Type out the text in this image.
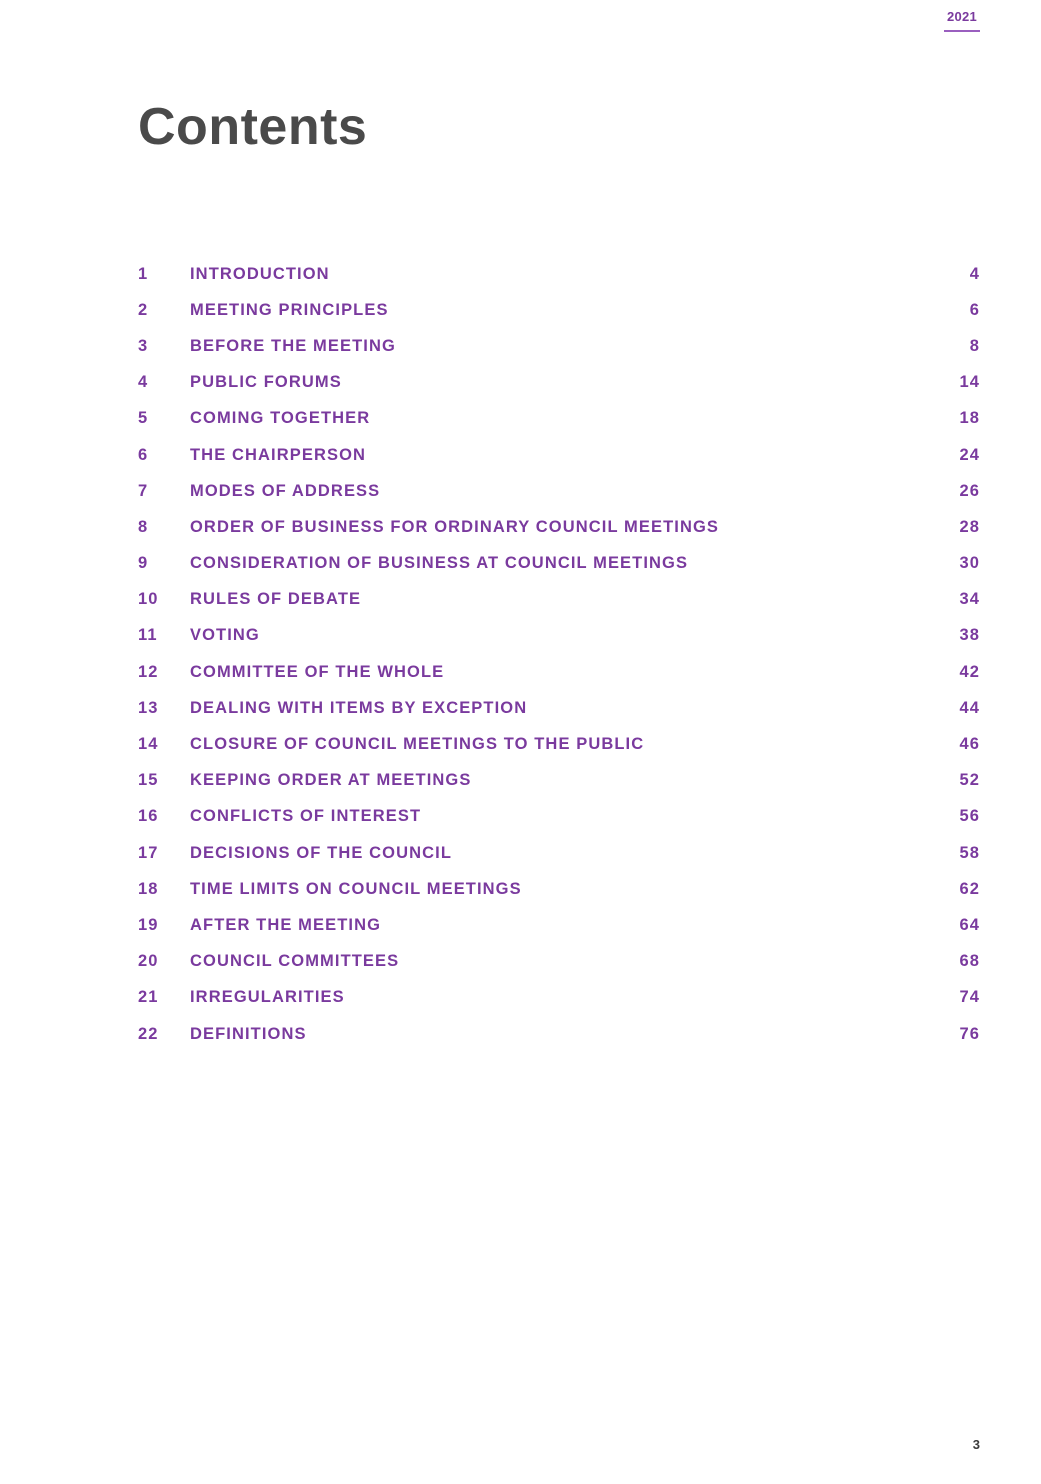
2021
Contents
1	INTRODUCTION	4
2	MEETING PRINCIPLES	6
3	BEFORE THE MEETING	8
4	PUBLIC FORUMS	14
5	COMING TOGETHER	18
6	THE CHAIRPERSON	24
7	MODES OF ADDRESS	26
8	ORDER OF BUSINESS FOR ORDINARY COUNCIL MEETINGS	28
9	CONSIDERATION OF BUSINESS AT COUNCIL MEETINGS	30
10	RULES OF DEBATE	34
11	VOTING	38
12	COMMITTEE OF THE WHOLE	42
13	DEALING WITH ITEMS BY EXCEPTION	44
14	CLOSURE OF COUNCIL MEETINGS TO THE PUBLIC	46
15	KEEPING ORDER AT MEETINGS	52
16	CONFLICTS OF INTEREST	56
17	DECISIONS OF THE COUNCIL	58
18	TIME LIMITS ON COUNCIL MEETINGS	62
19	AFTER THE MEETING	64
20	COUNCIL COMMITTEES	68
21	IRREGULARITIES	74
22	DEFINITIONS	76
3
